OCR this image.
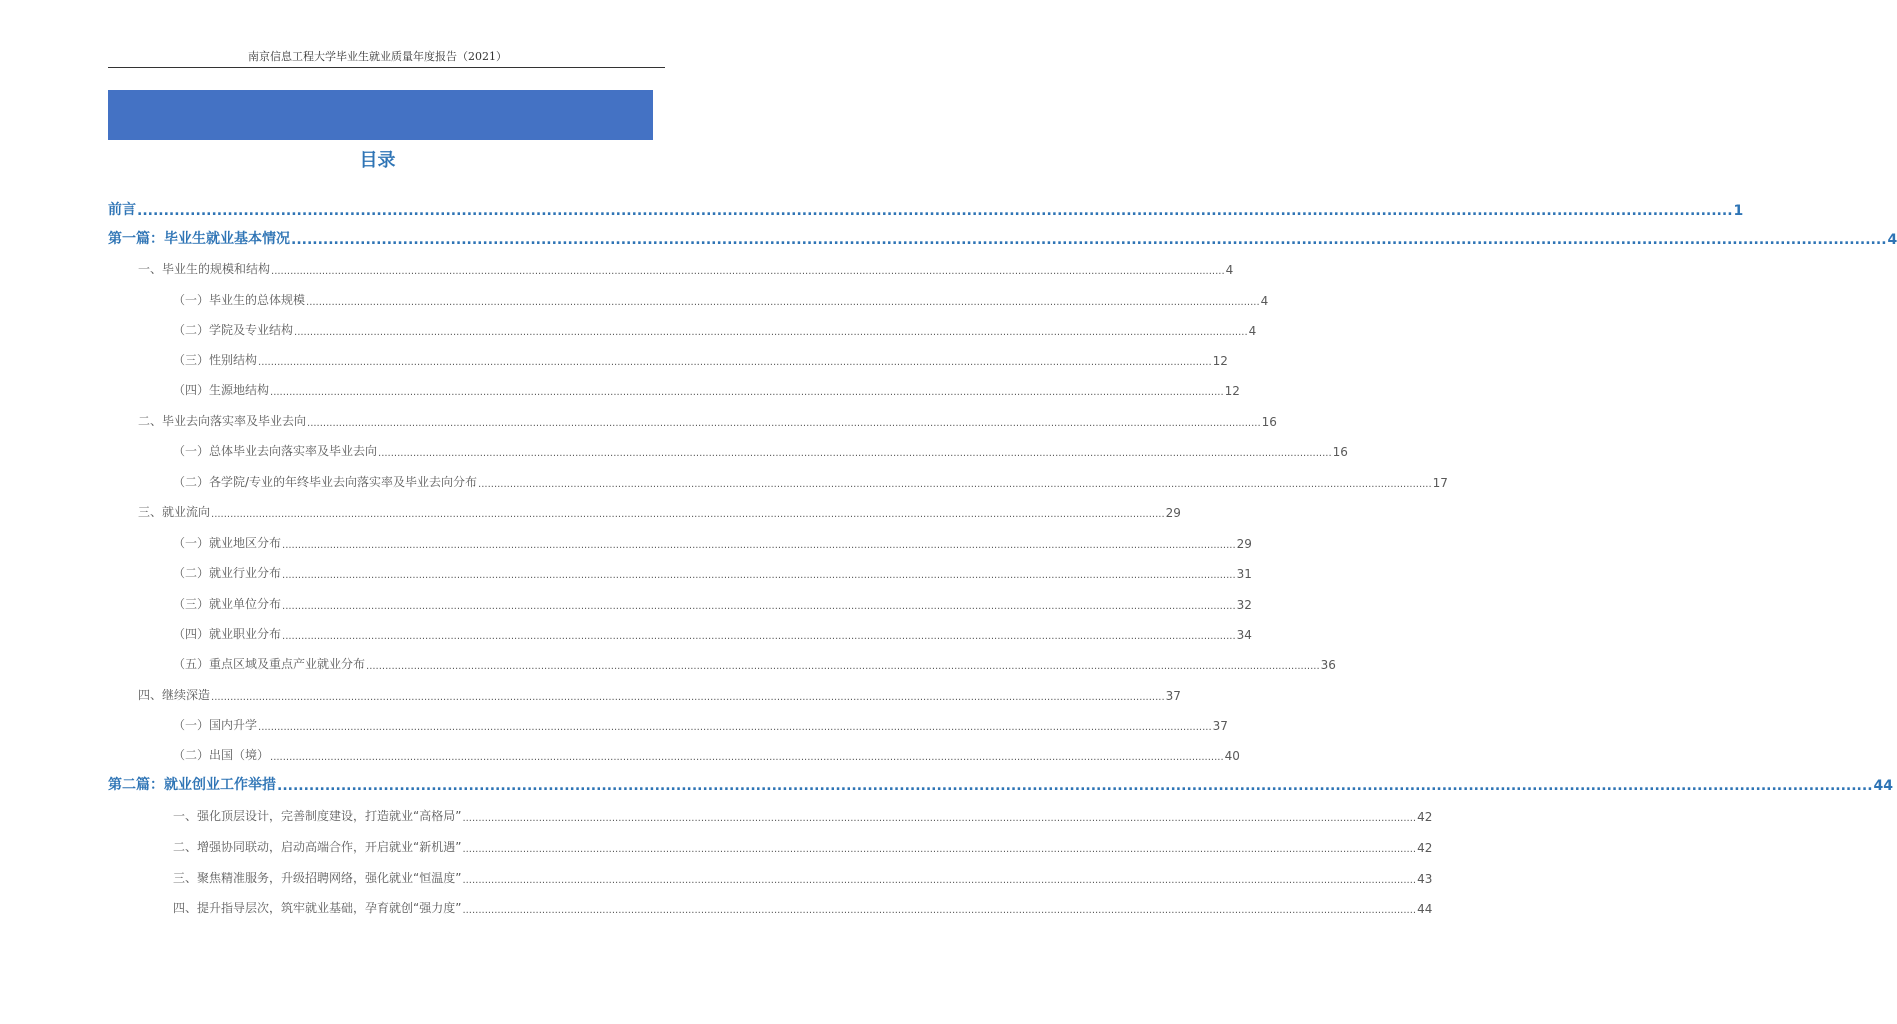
南京信息工程大学毕业生就业质量年度报告（2021）
目录
前言 ............................................................................................................................................................................................................................................................................................................ 1
第一篇：毕业生就业基本情况 ............................................................................................................................................................................................................................................................................................................ 4
一、毕业生的规模和结构 ............................................................................................................................................................................................................................................................................................................ 4
（一）毕业生的总体规模 ............................................................................................................................................................................................................................................................................................................ 4
（二）学院及专业结构 ............................................................................................................................................................................................................................................................................................................ 4
（三）性别结构 ............................................................................................................................................................................................................................................................................................................ 12
（四）生源地结构 ............................................................................................................................................................................................................................................................................................................ 12
二、毕业去向落实率及毕业去向 ............................................................................................................................................................................................................................................................................................................ 16
（一）总体毕业去向落实率及毕业去向 ............................................................................................................................................................................................................................................................................................................ 16
（二）各学院/专业的年终毕业去向落实率及毕业去向分布 ............................................................................................................................................................................................................................................................................................................ 17
三、就业流向 ............................................................................................................................................................................................................................................................................................................ 29
（一）就业地区分布 ............................................................................................................................................................................................................................................................................................................ 29
（二）就业行业分布 ............................................................................................................................................................................................................................................................................................................ 31
（三）就业单位分布 ............................................................................................................................................................................................................................................................................................................ 32
（四）就业职业分布 ............................................................................................................................................................................................................................................................................................................ 34
（五）重点区域及重点产业就业分布 ............................................................................................................................................................................................................................................................................................................ 36
四、继续深造 ............................................................................................................................................................................................................................................................................................................ 37
（一）国内升学 ............................................................................................................................................................................................................................................................................................................ 37
（二）出国（境） ............................................................................................................................................................................................................................................................................................................ 40
第二篇：就业创业工作举措 ............................................................................................................................................................................................................................................................................................................ 44
一、强化顶层设计，完善制度建设，打造就业“高格局” ............................................................................................................................................................................................................................................................................................................ 42
二、增强协同联动，启动高端合作，开启就业“新机遇” ............................................................................................................................................................................................................................................................................................................ 42
三、聚焦精准服务，升级招聘网络，强化就业“恒温度” ............................................................................................................................................................................................................................................................................................................ 43
四、提升指导层次，筑牢就业基础，孕育就创“强力度” ............................................................................................................................................................................................................................................................................................................ 44
